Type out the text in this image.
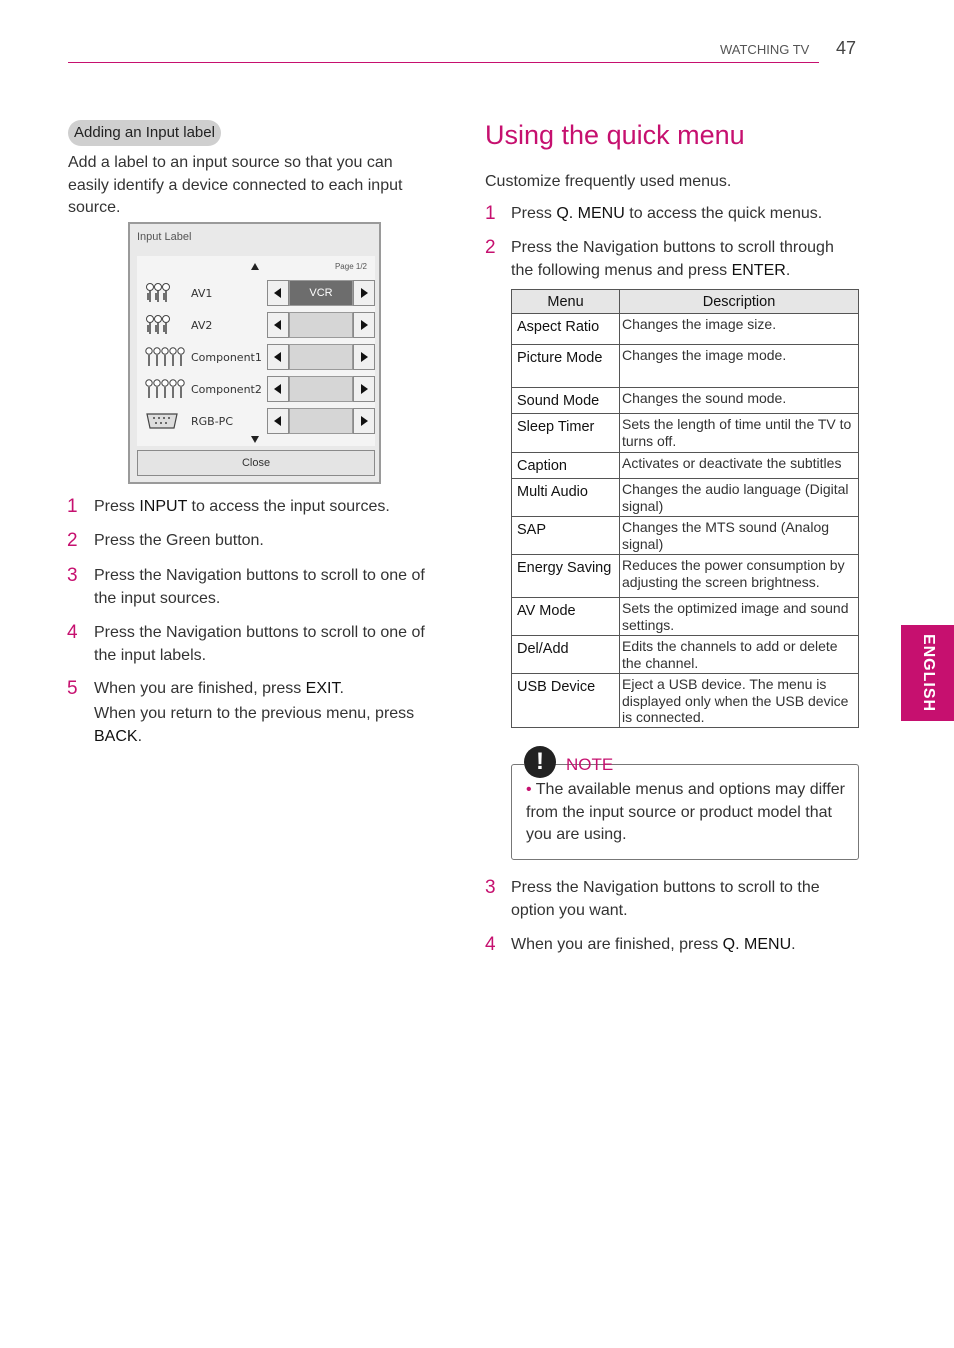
WATCHING TV 47
ENGLISH
Adding an Input label
Add a label to an input source so that you can
easily identify a device connected to each input
source.
Input Label
Page 1/2
AV1	VCR
AV2
Component1
Component2
RGB-PC
Close
1 Press INPUT to access the input sources.
2 Press the Green button.
3 Press the Navigation buttons to scroll to one of
the input sources.
4 Press the Navigation buttons to scroll to one of
the input labels.
5 When you are finished, press EXIT.
When you return to the previous menu, press
BACK.
Using the quick menu
Customize frequently used menus.
1 Press Q. MENU to access the quick menus.
2 Press the Navigation buttons to scroll through
the following menus and press ENTER.
Menu	Description
Aspect Ratio	Changes the image size.
Picture Mode	Changes the image mode.
Sound Mode	Changes the sound mode.
Sleep Timer	Sets the length of time until the TV to turns off.
Caption	Activates or deactivate the subtitles
Multi Audio	Changes the audio language (Digital signal)
SAP	Changes the MTS sound (Analog signal)
Energy Saving	Reduces the power consumption by adjusting the screen brightness.
AV Mode	Sets the optimized image and sound settings.
Del/Add	Edits the channels to add or delete the channel.
USB Device	Eject a USB device. The menu is displayed only when the USB device is connected.
!	NOTE
• The available menus and options may differ from the input source or product model that you are using.
3 Press the Navigation buttons to scroll to the
option you want.
4 When you are finished, press Q. MENU.
